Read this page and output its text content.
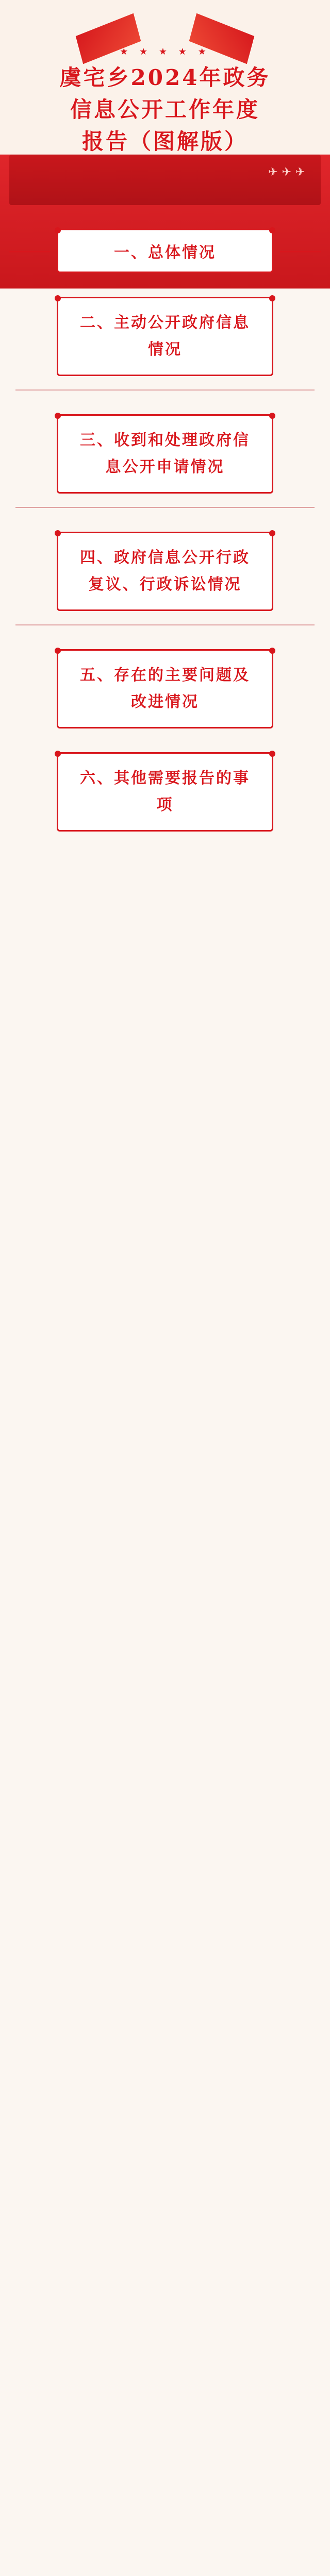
★ ★ ★ ★ ★
虞宅乡2024年政务
信息公开工作年度
报告（图解版）
✈ ✈ ✈

一、总体情况
二、主动公开政府信息情况
三、收到和处理政府信息公开申请情况
四、政府信息公开行政复议、行政诉讼情况
五、存在的主要问题及改进情况
六、其他需要报告的事项
